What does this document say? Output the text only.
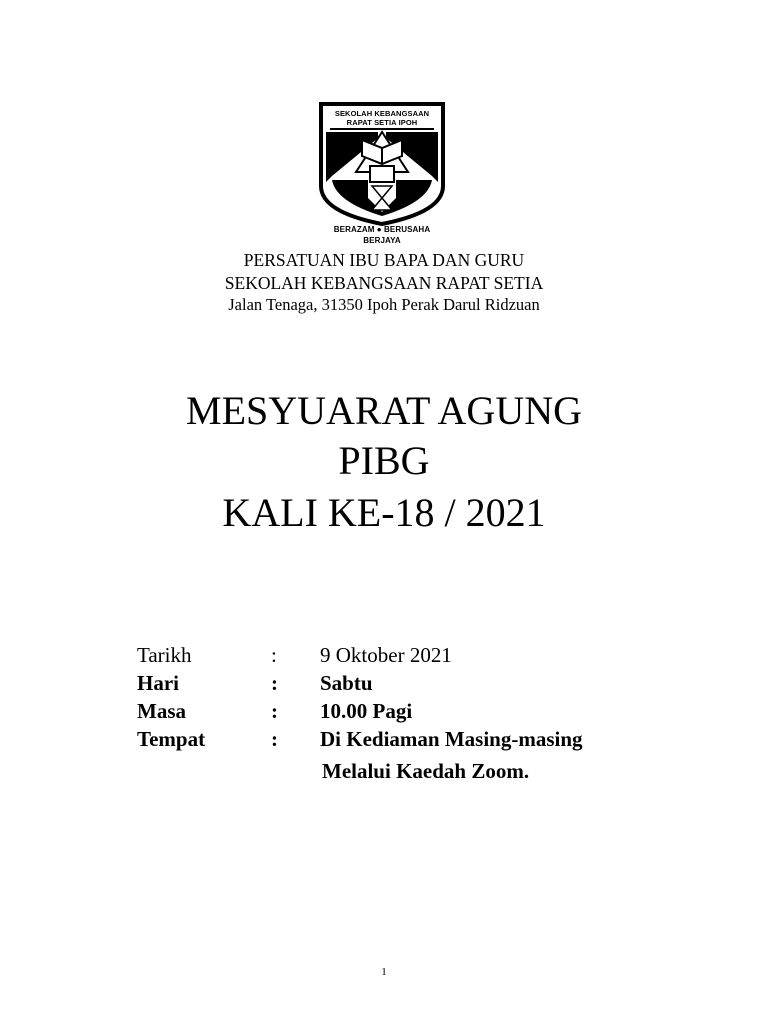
SEKOLAH KEBANGSAAN
RAPAT SETIA IPOH
BERAZAM ● BERUSAHA
BERJAYA
PERSATUAN IBU BAPA DAN GURU
SEKOLAH KEBANGSAAN RAPAT SETIA
Jalan Tenaga, 31350 Ipoh Perak Darul Ridzuan
MESYUARAT AGUNG
PIBG
KALI KE-18 / 2021
Tarikh	: 9 Oktober 2021
Hari	: Sabtu
Masa	: 10.00 Pagi
Tempat	: Di Kediaman Masing-masing
Melalui Kaedah Zoom.
1
